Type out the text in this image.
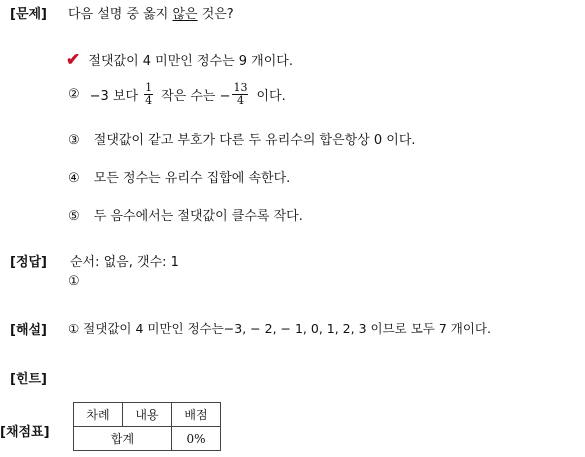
[문제]
[정답]
[해설]
[힌트]
[채점표]
다음 설명 중 옳지 않은 것은?
✔ 절댓값이 4 미만인 정수는 9 개이다.
② −3 보다 $\frac{1}{4}$ 작은 수는 − $\frac{13}{4}$ 이다.
③ 절댓값이 같고 부호가 다른 두 유리수의 합은항상 0 이다.
④ 모든 정수는 유리수 집합에 속한다.
⑤ 두 음수에서는 절댓값이 클수록 작다.
순서: 없음, 갯수: 1
①
① 절댓값이 4 미만인 정수는−3, − 2, − 1, 0, 1, 2, 3 이므로 모두 7 개이다.
차례	내용	배점
합계		0%
